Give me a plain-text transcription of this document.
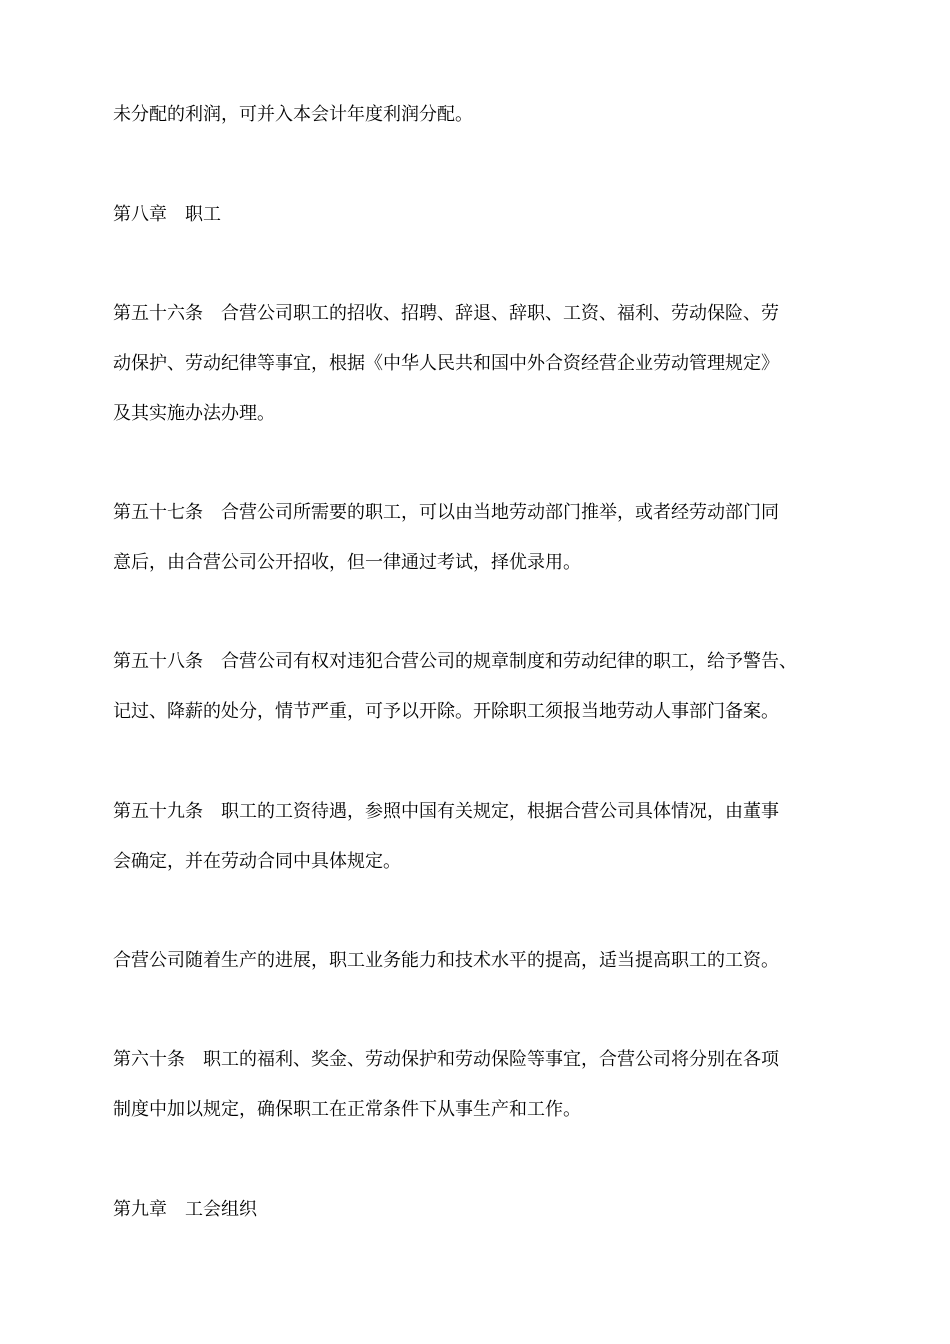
未分配的利润，可并入本会计年度利润分配。
第八章　职工
第五十六条　合营公司职工的招收、招聘、辞退、辞职、工资、福利、劳动保险、劳
动保护、劳动纪律等事宜，根据《中华人民共和国中外合资经营企业劳动管理规定》
及其实施办法办理。
第五十七条　合营公司所需要的职工，可以由当地劳动部门推举，或者经劳动部门同
意后，由合营公司公开招收，但一律通过考试，择优录用。
第五十八条　合营公司有权对违犯合营公司的规章制度和劳动纪律的职工，给予警告、
记过、降薪的处分，情节严重，可予以开除。开除职工须报当地劳动人事部门备案。
第五十九条　职工的工资待遇，参照中国有关规定，根据合营公司具体情况，由董事
会确定，并在劳动合同中具体规定。
合营公司随着生产的进展，职工业务能力和技术水平的提高，适当提高职工的工资。
第六十条　职工的福利、奖金、劳动保护和劳动保险等事宜，合营公司将分别在各项
制度中加以规定，确保职工在正常条件下从事生产和工作。
第九章　工会组织
